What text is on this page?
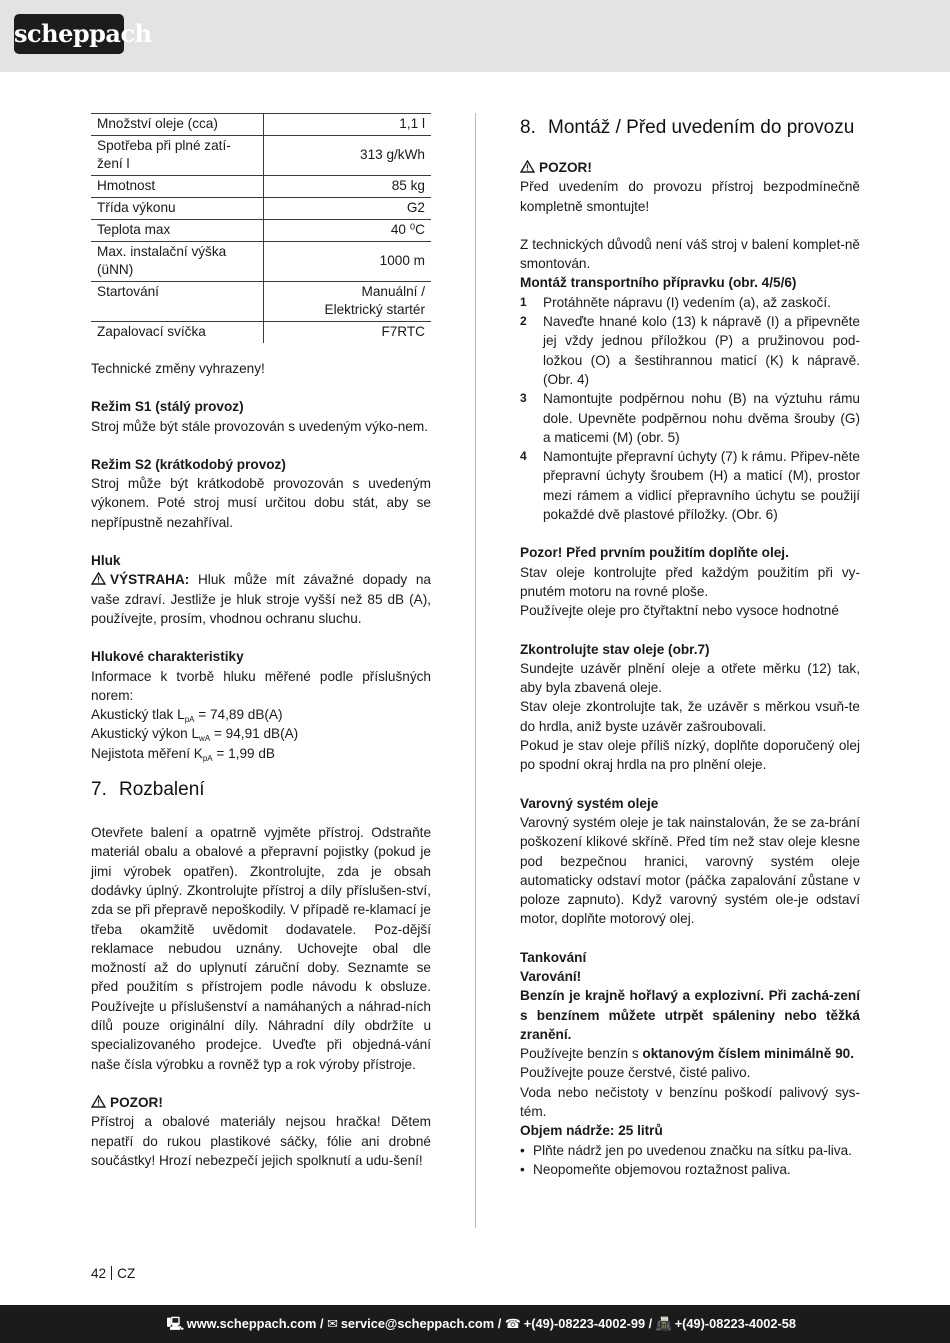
scheppach
Množství oleje (cca)	1,1 l
Spotřeba při plné zatí-
žení l	313 g/kWh
Hmotnost	85 kg
Třída výkonu	G2
Teplota max	40 ⁰C
Max. instalační výška
(üNN)	1000 m
Startování	Manuální /
Elektrický startér
Zapalovací svíčka	F7RTC

Technické změny vyhrazeny!

Režim S1 (stálý provoz)

Stroj může být stále provozován s uvedeným výko-nem.

Režim S2 (krátkodobý provoz)

Stroj může být krátkodobě provozován s uvedeným výkonem. Poté stroj musí určitou dobu stát, aby se nepřípustně nezahříval.

Hluk

VÝSTRAHA: Hluk může mít závažné dopady na vaše zdraví. Jestliže je hluk stroje vyšší než 85 dB (A), používejte, prosím, vhodnou ochranu sluchu.

Hlukové charakteristiky

Informace k tvorbě hluku měřené podle příslušných norem:

Akustický tlak $L_{pA} = 74,89$ dB(A)

Akustický výkon $L_{wA} = 94,91$ dB(A)

Nejistota měření $K_{pA} = 1,99$ dB

7. Rozbalení

Otevřete balení a opatrně vyjměte přístroj. Odstraňte materiál obalu a obalové a přepravní pojistky (pokud je jimi výrobek opatřen). Zkontrolujte, zda je obsah dodávky úplný. Zkontrolujte přístroj a díly příslušen-ství, zda se při přepravě nepoškodily. V případě re-klamací je třeba okamžitě uvědomit dodavatele. Poz-dější reklamace nebudou uznány. Uchovejte obal dle možností až do uplynutí záruční doby. Seznamte se před použitím s přístrojem podle návodu k obsluze. Používejte u příslušenství a namáhaných a náhrad-ních dílů pouze originální díly. Náhradní díly obdržíte u specializovaného prodejce. Uveďte při objedná-vání naše čísla výrobku a rovněž typ a rok výroby přístroje.

POZOR!

Přístroj a obalové materiály nejsou hračka! Dětem nepatří do rukou plastikové sáčky, fólie ani drobné součástky! Hrozí nebezpečí jejich spolknutí a udu-šení!

8. Montáž / Před uvedením do provozu

POZOR!

Před uvedením do provozu přístroj bezpodmínečně kompletně smontujte!

Z technických důvodů není váš stroj v balení komplet-ně smontován.

Montáž transportního přípravku (obr. 4/5/6)

1 Protáhněte nápravu (I) vedením (a), až zaskočí.
2 Naveďte hnané kolo (13) k nápravě (I) a připevněte jej vždy jednou příložkou (P) a pružinovou pod-ložkou (O) a šestihrannou maticí (K) k nápravě. (Obr. 4)
3 Namontujte podpěrnou nohu (B) na výztuhu rámu dole. Upevněte podpěrnou nohu dvěma šrouby (G) a maticemi (M) (obr. 5)
4 Namontujte přepravní úchyty (7) k rámu. Připev-něte přepravní úchyty šroubem (H) a maticí (M), prostor mezi rámem a vidlicí přepravního úchytu se použijí pokaždé dvě plastové příložky. (Obr. 6)

Pozor! Před prvním použitím doplňte olej.

Stav oleje kontrolujte před každým použitím při vy-pnutém motoru na rovné ploše.

Používejte oleje pro čtyřtaktní nebo vysoce hodnotné

Zkontrolujte stav oleje (obr.7)

Sundejte uzávěr plnění oleje a otřete měrku (12) tak, aby byla zbavená oleje.

Stav oleje zkontrolujte tak, že uzávěr s měrkou vsuň-te do hrdla, aniž byste uzávěr zašroubovali.

Pokud je stav oleje příliš nízký, doplňte doporučený olej po spodní okraj hrdla na pro plnění oleje.

Varovný systém oleje

Varovný systém oleje je tak nainstalován, že se za-brání poškození klikové skříně. Před tím než stav oleje klesne pod bezpečnou hranici, varovný systém oleje automaticky odstaví motor (páčka zapalování zůstane v poloze zapnuto). Když varovný systém ole-je odstaví motor, doplňte motorový olej.

Tankování

Varování!

Benzín je krajně hořlavý a explozivní. Při zachá-zení s benzínem můžete utrpět spáleniny nebo těžká zranění.

Používejte benzín s oktanovým číslem minimálně 90.

Používejte pouze čerstvé, čisté palivo.

Voda nebo nečistoty v benzínu poškodí palivový sys-tém.

Objem nádrže: 25 litrů

• Plňte nádrž jen po uvedenou značku na sítku pa-liva.
• Neopomeňte objemovou roztažnost paliva.
42 CZ
🖳 www.scheppach.com / ✉ service@scheppach.com / ☎ +(49)-08223-4002-99 / 📠 +(49)-08223-4002-58
